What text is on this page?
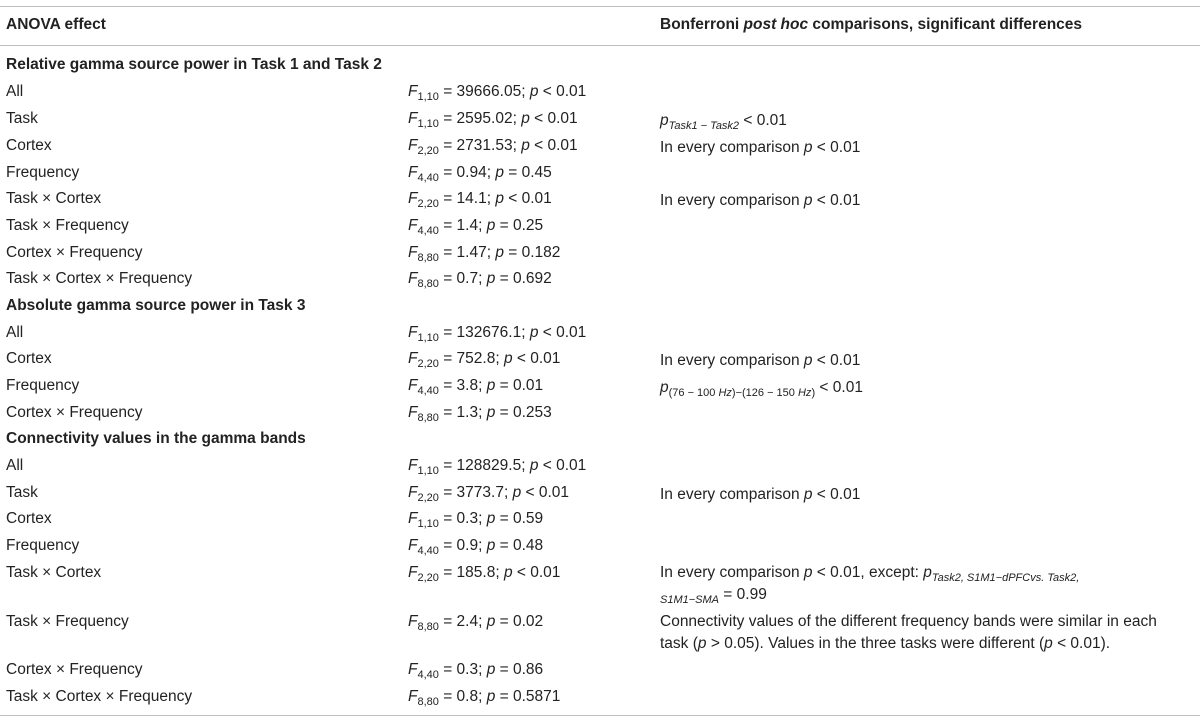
ANOVA effect	Bonferroni post hoc comparisons, significant differences
Relative gamma source power in Task 1 and Task 2
All	$F_{1,10} = 39666.05$; p < 0.01
Task	$F_{1,10} = 2595.02$; p < 0.01	$p_{Task1 - Task2} < 0.01$
Cortex	$F_{2,20} = 2731.53$; p < 0.01	In every comparison p < 0.01
Frequency	$F_{4,40} = 0.94$; p = 0.45
Task × Cortex	$F_{2,20} = 14.1$; p < 0.01	In every comparison p < 0.01
Task × Frequency	$F_{4,40} = 1.4$; p = 0.25
Cortex × Frequency	$F_{8,80} = 1.47$; p = 0.182
Task × Cortex × Frequency	$F_{8,80} = 0.7$; p = 0.692
Absolute gamma source power in Task 3
All	$F_{1,10} = 132676.1$; p < 0.01
Cortex	$F_{2,20} = 752.8$; p < 0.01	In every comparison p < 0.01
Frequency	$F_{4,40} = 3.8$; p = 0.01	$p_{(76 - 100 Hz)-(126 - 150 Hz)} < 0.01$
Cortex × Frequency	$F_{8,80} = 1.3$; p = 0.253
Connectivity values in the gamma bands
All	$F_{1,10} = 128829.5$; p < 0.01
Task	$F_{2,20} = 3773.7$; p < 0.01	In every comparison p < 0.01
Cortex	$F_{1,10} = 0.3$; p = 0.59
Frequency	$F_{4,40} = 0.9$; p = 0.48
Task × Cortex	$F_{2,20} = 185.8$; p < 0.01	In every comparison p < 0.01, except: $p_{Task2, S1M1-dPFCvs. Task2,}$
$_{S1M1-SMA}$ = 0.99
Task × Frequency	$F_{8,80} = 2.4$; p = 0.02	Connectivity values of the different frequency bands were similar in each
task (p > 0.05). Values in the three tasks were different (p < 0.01).
Cortex × Frequency	$F_{4,40} = 0.3$; p = 0.86
Task × Cortex × Frequency	$F_{8,80} = 0.8$; p = 0.5871
